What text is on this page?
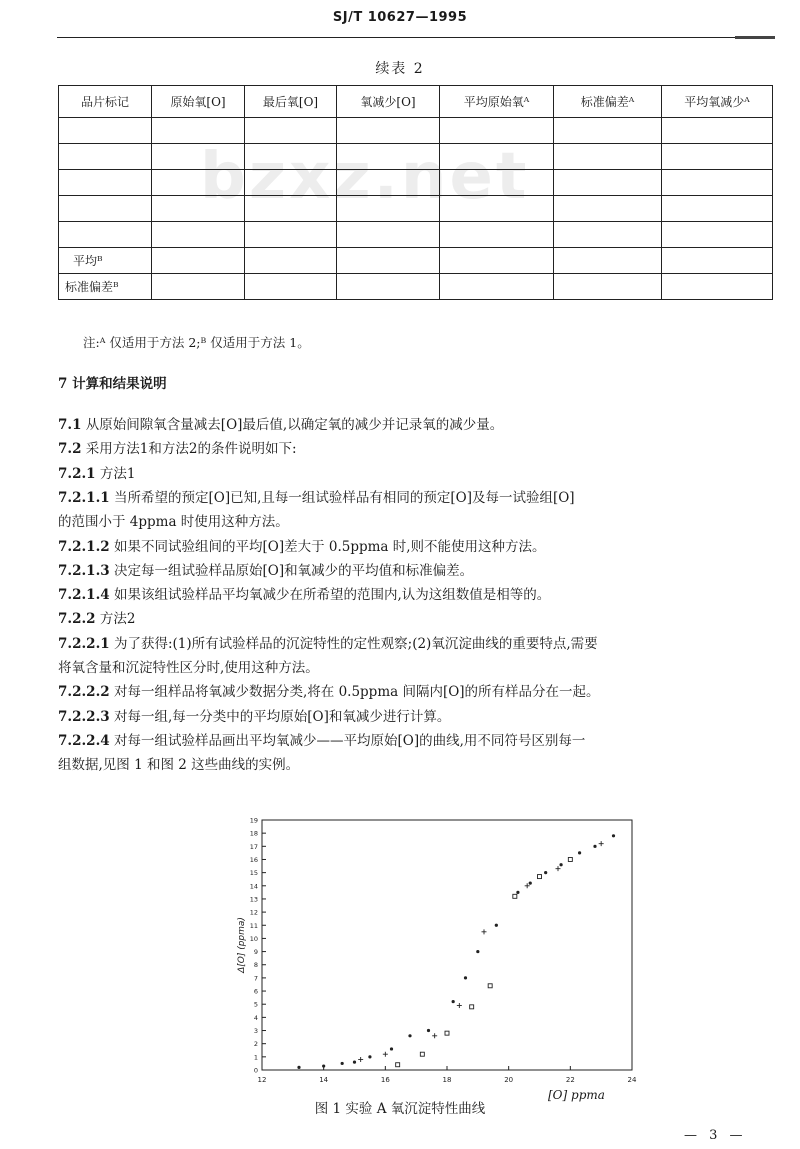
bzxz.net
SJ/T 10627—1995
续表 2
品片标记	原始氧[O]	最后氧[O]	氧减少[O]	平均原始氧ᴬ	标准偏差ᴬ	平均氧减少ᴬ

平均ᴮ						
标准偏差ᴮ						
注:ᴬ 仅适用于方法 2;ᴮ 仅适用于方法 1。
7 计算和结果说明
7.1 从原始间隙氧含量减去[O]最后值,以确定氧的减少并记录氧的减少量。
7.2 采用方法1和方法2的条件说明如下:
7.2.1 方法1
7.2.1.1 当所希望的预定[O]已知,且每一组试验样品有相同的预定[O]及每一试验组[O]
的范围小于 4ppma 时使用这种方法。
7.2.1.2 如果不同试验组间的平均[O]差大于 0.5ppma 时,则不能使用这种方法。
7.2.1.3 决定每一组试验样品原始[O]和氧减少的平均值和标准偏差。
7.2.1.4 如果该组试验样品平均氧减少在所希望的范围内,认为这组数值是相等的。
7.2.2 方法2
7.2.2.1 为了获得:(1)所有试验样品的沉淀特性的定性观察;(2)氧沉淀曲线的重要特点,需要
将氧含量和沉淀特性区分时,使用这种方法。
7.2.2.2 对每一组样品将氧减少数据分类,将在 0.5ppma 间隔内[O]的所有样品分在一起。
7.2.2.3 对每一组,每一分类中的平均原始[O]和氧减少进行计算。
7.2.2.4 对每一组试验样品画出平均氧减少——平均原始[O]的曲线,用不同符号区别每一
组数据,见图 1 和图 2 这些曲线的实例。
12	14	16	18	20	22	24
0
1
2
3
4
5
6
7
8
9
10
11
12
13
14
15
16
17
18
19
Δ[O] (ppma)
[O] ppma
图 1 实验 A 氧沉淀特性曲线
— 3 —
